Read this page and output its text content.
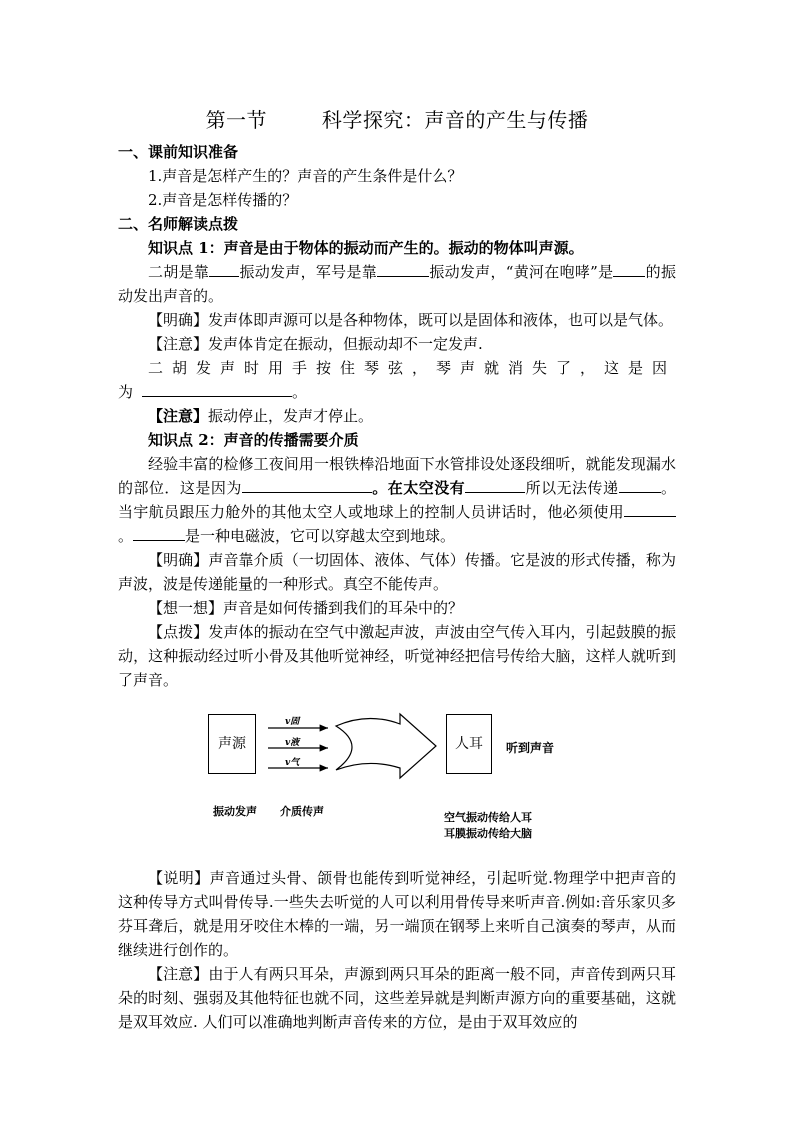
第一节        科学探究：声音的产生与传播

一、课前知识准备

1.声音是怎样产生的？声音的产生条件是什么？

2.声音是怎样传播的？

二、名师解读点拨

知识点 1：声音是由于物体的振动而产生的。振动的物体叫声源。

二胡是靠 振动发声，军号是靠	振动发声，“黄河在咆哮”是 的振动发出声音的。

【明确】发声体即声源可以是各种物体，既可以是固体和液体，也可以是气体。

【注意】发声体肯定在振动，但振动却不一定发声.

二胡发声时用手按住琴弦，琴声就消失了，这是因为	。

【注意】振动停止，发声才停止。

知识点 2：声音的传播需要介质

经验丰富的检修工夜间用一根铁棒沿地面下水管排设处逐段细听，就能发现漏水的部位．这是因为	。在太空没有	所以无法传递	。当宇航员跟压力舱外的其他太空人或地球上的控制人员讲话时，他必须使用。	是一种电磁波，它可以穿越太空到地球。

【明确】声音靠介质（一切固体、液体、气体）传播。它是波的形式传播，称为声波，波是传递能量的一种形式。真空不能传声。

【想一想】声音是如何传播到我们的耳朵中的？

【点拨】发声体的振动在空气中激起声波，声波由空气传入耳内，引起鼓膜的振动，这种振动经过听小骨及其他听觉神经，听觉神经把信号传给大脑，这样人就听到了声音。

声源
v固
v液
v气
人耳	听到声音
振动发声 介质传声	空气振动传给人耳
耳膜振动传给大脑

【说明】声音通过头骨、颌骨也能传到听觉神经，引起听觉.物理学中把声音的这种传导方式叫骨传导.一些失去听觉的人可以利用骨传导来听声音.例如:音乐家贝多芬耳聋后，就是用牙咬住木棒的一端，另一端顶在钢琴上来听自己演奏的琴声，从而继续进行创作的。

【注意】由于人有两只耳朵，声源到两只耳朵的距离一般不同，声音传到两只耳朵的时刻、强弱及其他特征也就不同，这些差异就是判断声源方向的重要基础，这就是双耳效应. 人们可以准确地判断声音传来的方位，是由于双耳效应的
